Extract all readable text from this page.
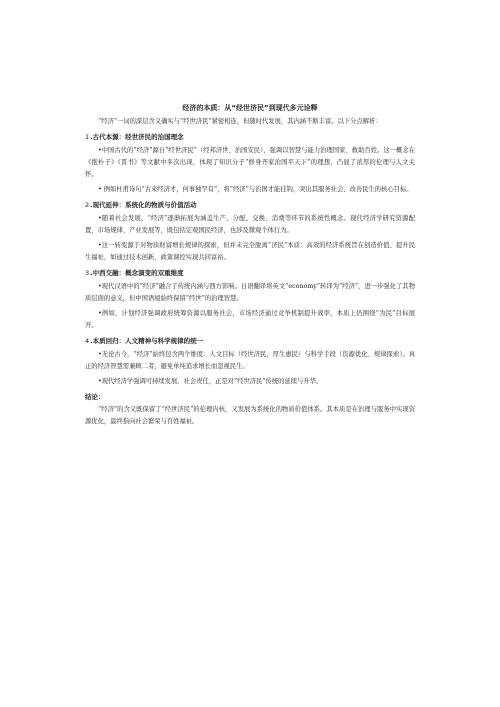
经济的本质：从“经世济民”到现代多元诠释

“经济”一词的深层含义确实与“经世济民”紧密相连，但随时代发展，其内涵不断丰富。以下分点解析：

1.古代本源：经世济民的治国理念

•中国古代的“经济”源自“经世济民”（经邦济世、治国安民），强调以智慧与能力治理国家、救助百姓。这一概念在《抱朴子》《晋书》等文献中多次出现，体现了知识分子“修身齐家治国平天下”的理想，凸显了浓厚的伦理与人文关怀。

• 例如杜甫诗句“古来经济才，何事独罕有”，将“经济”与治国才能挂钩，突出其服务社会、改善民生的核心目标。

2.现代延伸：系统化的物质与价值活动

•随着社会发展，“经济”逐渐拓展为涵盖生产、分配、交换、消费等环节的系统性概念。现代经济学研究资源配置、市场规律、产业发展等，既包括宏观国民经济，也涉及微观个体行为。

•这一转变源于对物质财富增长规律的探索，但并未完全脱离“济民”本质：高效的经济系统旨在创造价值、提升民生福祉，如通过技术创新、政策调控实现共同富裕。

3.中西交融：概念演变的双重维度

•现代汉语中的“经济”融合了传统内涵与西方影响。日语翻译将英文“economy”转译为“经济”，进一步强化了其物质层面的意义，但中国语境始终保留“经世”的治理智慧。

•例如，计划经济强调政府统筹资源以服务社会，市场经济通过竞争机制提升效率，本质上仍围绕“为民”目标展开。

4.本质回归：人文精神与科学规律的统一

•无论古今，“经济”始终包含两个维度：人文目标（经世济民，厚生惠民）与科学手段（资源优化、规律探索）。真正的经济智慧需兼顾二者，避免单纯追求增长而忽视民生。

•现代经济学强调可持续发展、社会责任，正是对“经世济民”传统的延续与升华。

结论：

“经济”的含义既保留了“经世济民”的伦理内核，又发展为系统化的物质价值体系。其本质是在治理与服务中实现资源优化，最终指向社会繁荣与百姓福祉。
